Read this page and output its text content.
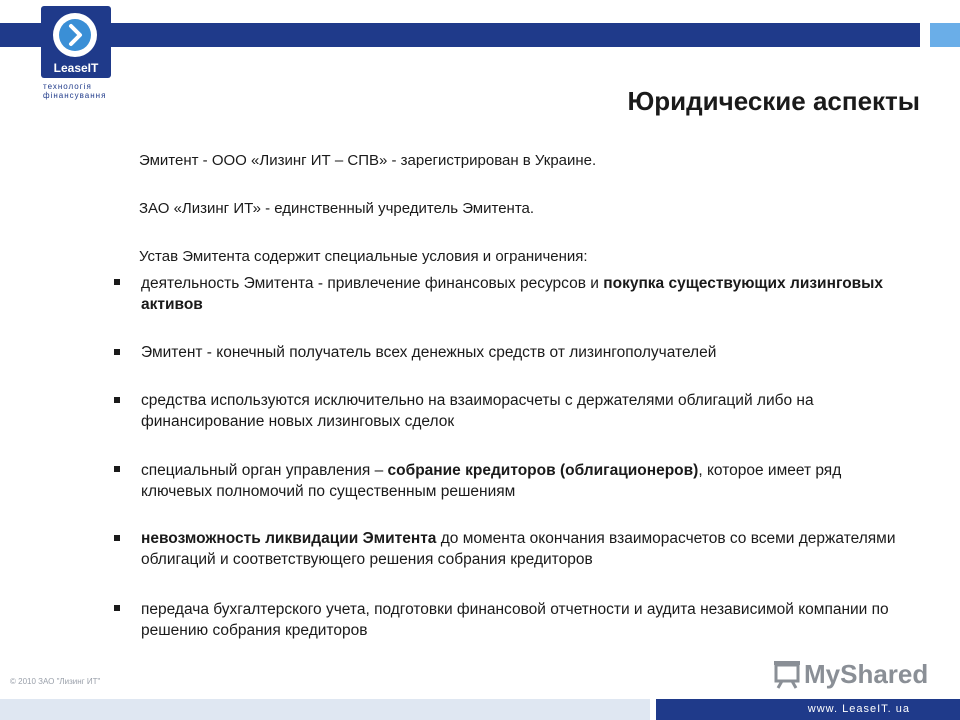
LeaseIT
технологія фінансування	Юридические аспекты
Эмитент - ООО «Лизинг ИТ – СПВ» - зарегистрирован в Украине.
ЗАО «Лизинг ИТ» - единственный учредитель Эмитента.
Устав Эмитента содержит специальные условия и ограничения:
деятельность Эмитента - привлечение финансовых ресурсов и покупка существующих лизинговых активов
Эмитент - конечный получатель всех денежных средств от лизингополучателей
средства используются исключительно на взаиморасчеты с держателями облигаций либо на финансирование новых лизинговых сделок
специальный орган управления – собрание кредиторов (облигационеров), которое имеет ряд ключевых полномочий по существенным решениям
невозможность ликвидации Эмитента до момента окончания взаиморасчетов со всеми держателями облигаций и соответствующего решения собрания кредиторов
передача бухгалтерского учета, подготовки финансовой отчетности и аудита независимой компании по решению собрания кредиторов
© 2010 ЗАО "Лизинг ИТ"	MyShared
www. LeaseIT. ua
